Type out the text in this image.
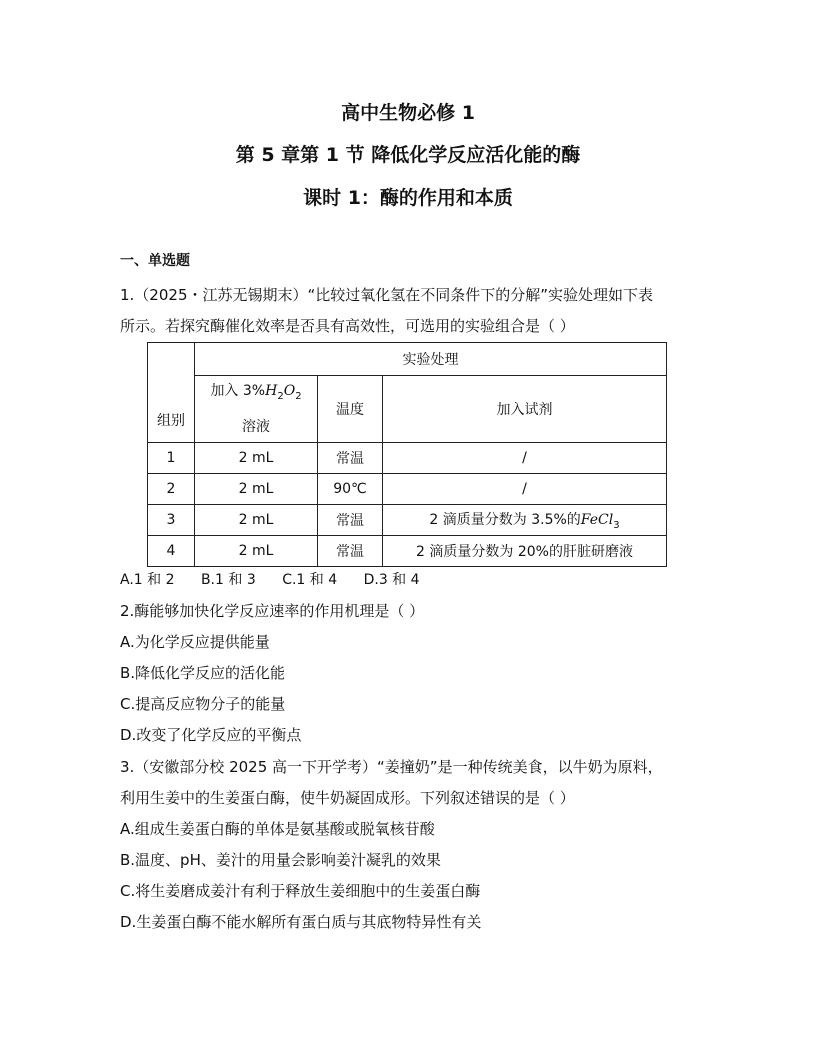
高中生物必修 1
第 5 章第 1 节 降低化学反应活化能的酶
课时 1：酶的作用和本质
一、单选题
1.（2025・江苏无锡期末）“比较过氧化氢在不同条件下的分解”实验处理如下表
所示。若探究酶催化效率是否具有高效性，可选用的实验组合是（ ）
组别	实验处理		

	加入 $3\%H_2O_2$
溶液	温度	加入试剂

1	2 mL	常温	/
2	2 mL	90℃	/
3	2 mL	常温	2 滴质量分数为 3.5%的FeCl$_3$
4	2 mL	常温	2 滴质量分数为 20%的肝脏研磨液
A.1 和 2 B.1 和 3 C.1 和 4 D.3 和 4
2.酶能够加快化学反应速率的作用机理是（ ）
A.为化学反应提供能量
B.降低化学反应的活化能
C.提高反应物分子的能量
D.改变了化学反应的平衡点
3.（安徽部分校 2025 高一下开学考）“姜撞奶”是一种传统美食，以牛奶为原料，
利用生姜中的生姜蛋白酶，使牛奶凝固成形。下列叙述错误的是（ ）
A.组成生姜蛋白酶的单体是氨基酸或脱氧核苷酸
B.温度、pH、姜汁的用量会影响姜汁凝乳的效果
C.将生姜磨成姜汁有利于释放生姜细胞中的生姜蛋白酶
D.生姜蛋白酶不能水解所有蛋白质与其底物特异性有关
